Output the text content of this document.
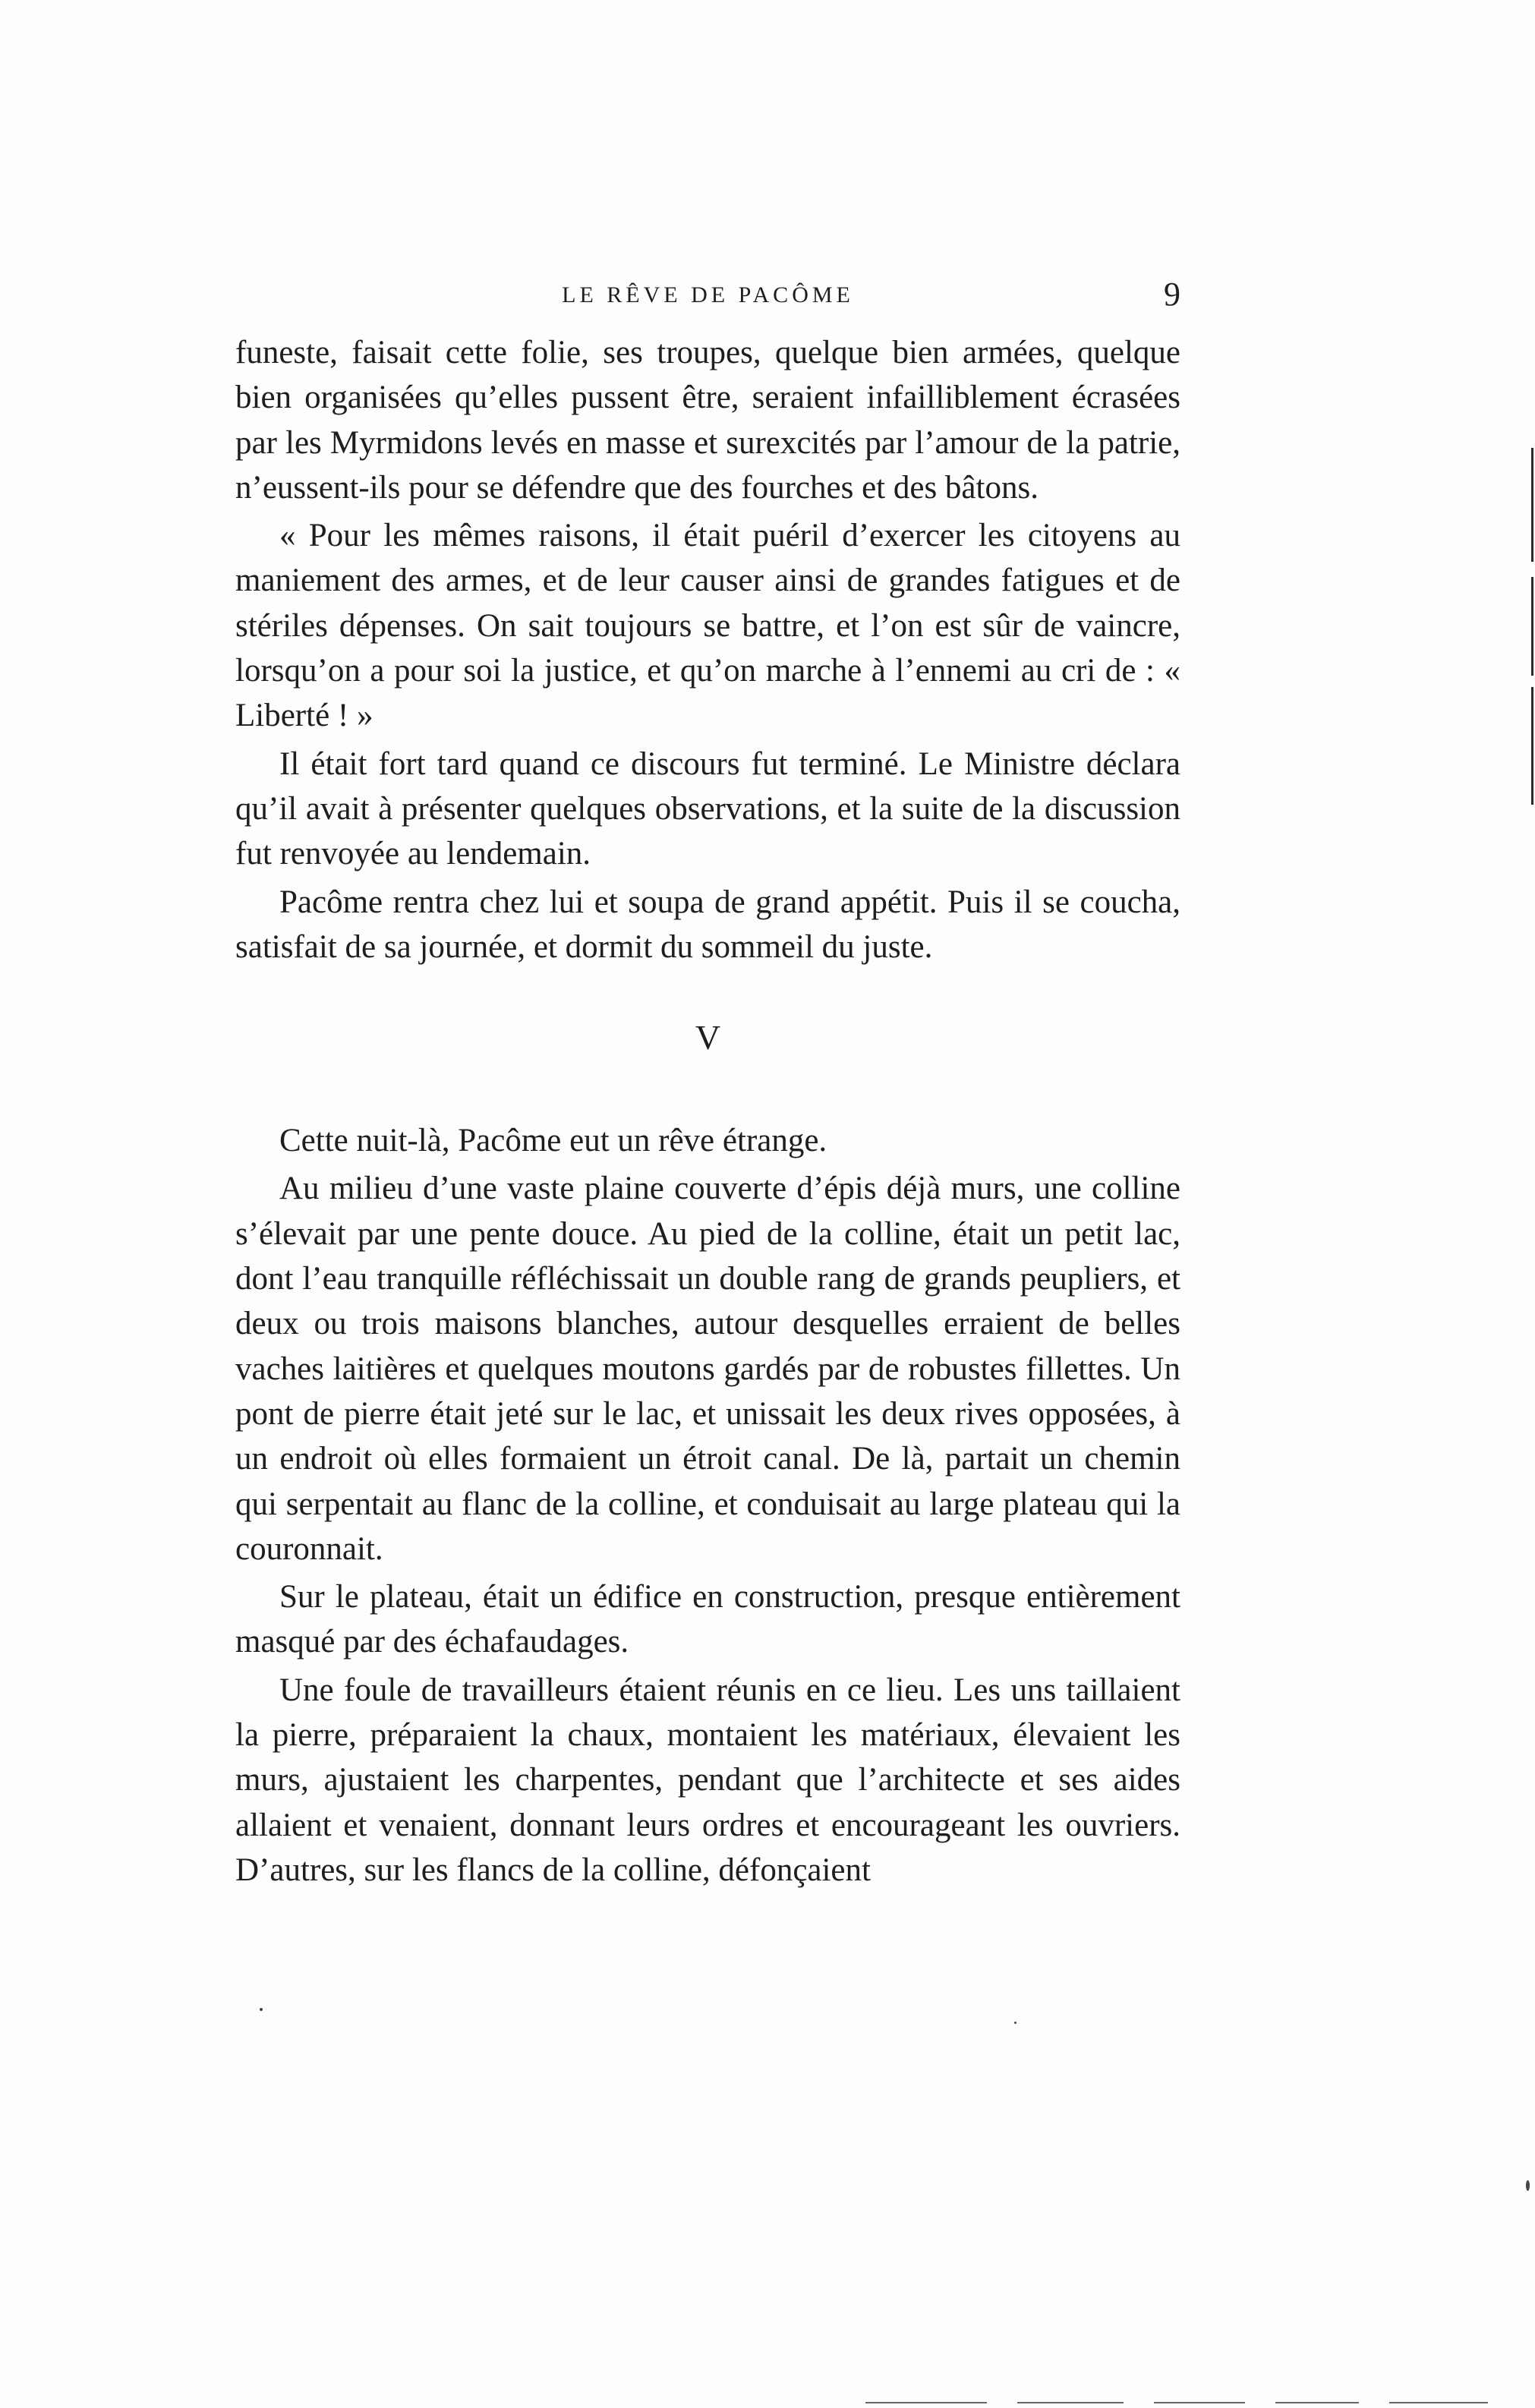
LE RÊVE DE PACÔME	9

funeste, faisait cette folie, ses troupes, quelque bien armées, quelque bien organisées qu’elles pussent être, seraient infailliblement écrasées par les Myrmidons levés en masse et surexcités par l’amour de la patrie, n’eussent-ils pour se défendre que des fourches et des bâtons.

« Pour les mêmes raisons, il était puéril d’exercer les citoyens au maniement des armes, et de leur causer ainsi de grandes fatigues et de stériles dépenses. On sait toujours se battre, et l’on est sûr de vaincre, lorsqu’on a pour soi la justice, et qu’on marche à l’ennemi au cri de : « Liberté ! »

Il était fort tard quand ce discours fut terminé. Le Ministre déclara qu’il avait à présenter quelques observations, et la suite de la discussion fut renvoyée au lendemain.

Pacôme rentra chez lui et soupa de grand appétit. Puis il se coucha, satisfait de sa journée, et dormit du sommeil du juste.

V

Cette nuit-là, Pacôme eut un rêve étrange.

Au milieu d’une vaste plaine couverte d’épis déjà murs, une colline s’élevait par une pente douce. Au pied de la colline, était un petit lac, dont l’eau tranquille réfléchissait un double rang de grands peupliers, et deux ou trois maisons blanches, autour desquelles erraient de belles vaches laitières et quelques moutons gardés par de robustes fillettes. Un pont de pierre était jeté sur le lac, et unissait les deux rives opposées, à un endroit où elles formaient un étroit canal. De là, partait un chemin qui serpentait au flanc de la colline, et conduisait au large plateau qui la couronnait.

Sur le plateau, était un édifice en construction, presque entièrement masqué par des échafaudages.

Une foule de travailleurs étaient réunis en ce lieu. Les uns taillaient la pierre, préparaient la chaux, montaient les matériaux, élevaient les murs, ajustaient les charpentes, pendant que l’architecte et ses aides allaient et venaient, donnant leurs ordres et encourageant les ouvriers. D’autres, sur les flancs de la colline, défonçaient
